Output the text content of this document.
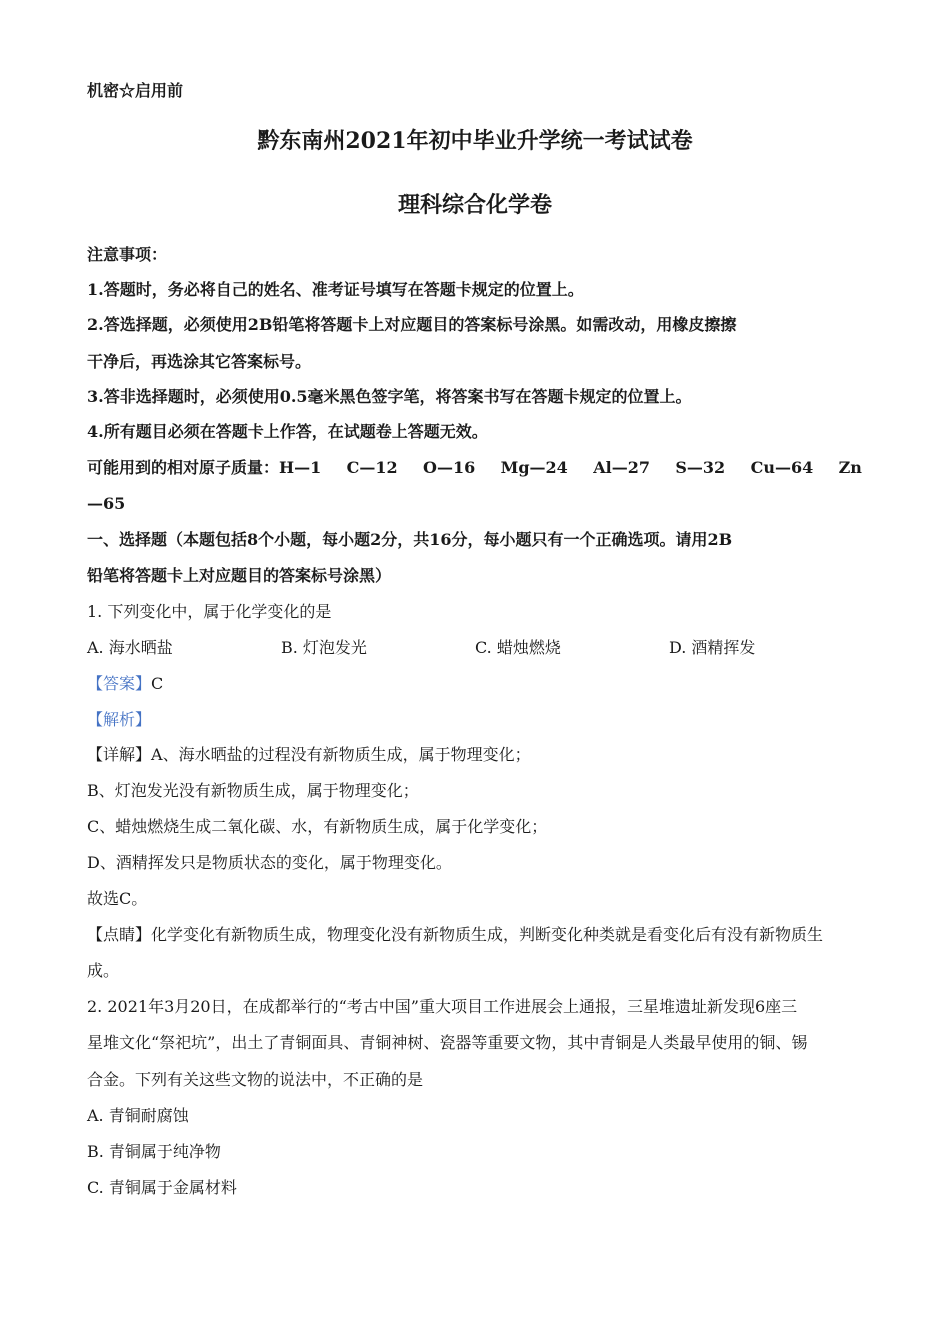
机密☆启用前
黔东南州2021年初中毕业升学统一考试试卷
理科综合化学卷
注意事项：
1.答题时，务必将自己的姓名、准考证号填写在答题卡规定的位置上。
2.答选择题，必须使用2B铅笔将答题卡上对应题目的答案标号涂黑。如需改动，用橡皮擦擦
干净后，再选涂其它答案标号。
3.答非选择题时，必须使用0.5毫米黑色签字笔，将答案书写在答题卡规定的位置上。
4.所有题目必须在答题卡上作答，在试题卷上答题无效。
可能用到的相对原子质量：H—1 C—12 O—16 Mg—24 Al—27 S—32 Cu—64 Zn
—65
一、选择题（本题包括8个小题，每小题2分，共16分，每小题只有一个正确选项。请用2B
铅笔将答题卡上对应题目的答案标号涂黑）
1. 下列变化中，属于化学变化的是
A. 海水晒盐	B. 灯泡发光	C. 蜡烛燃烧	D. 酒精挥发
【答案】C
【解析】
【详解】A、海水晒盐的过程没有新物质生成，属于物理变化；
B、灯泡发光没有新物质生成，属于物理变化；
C、蜡烛燃烧生成二氧化碳、水，有新物质生成，属于化学变化；
D、酒精挥发只是物质状态的变化，属于物理变化。
故选C。
【点睛】化学变化有新物质生成，物理变化没有新物质生成，判断变化种类就是看变化后有没有新物质生
成。
2. 2021年3月20日，在成都举行的“考古中国”重大项目工作进展会上通报，三星堆遗址新发现6座三
星堆文化“祭祀坑”，出土了青铜面具、青铜神树、瓷器等重要文物，其中青铜是人类最早使用的铜、锡
合金。下列有关这些文物的说法中，不正确的是
A. 青铜耐腐蚀
B. 青铜属于纯净物
C. 青铜属于金属材料
